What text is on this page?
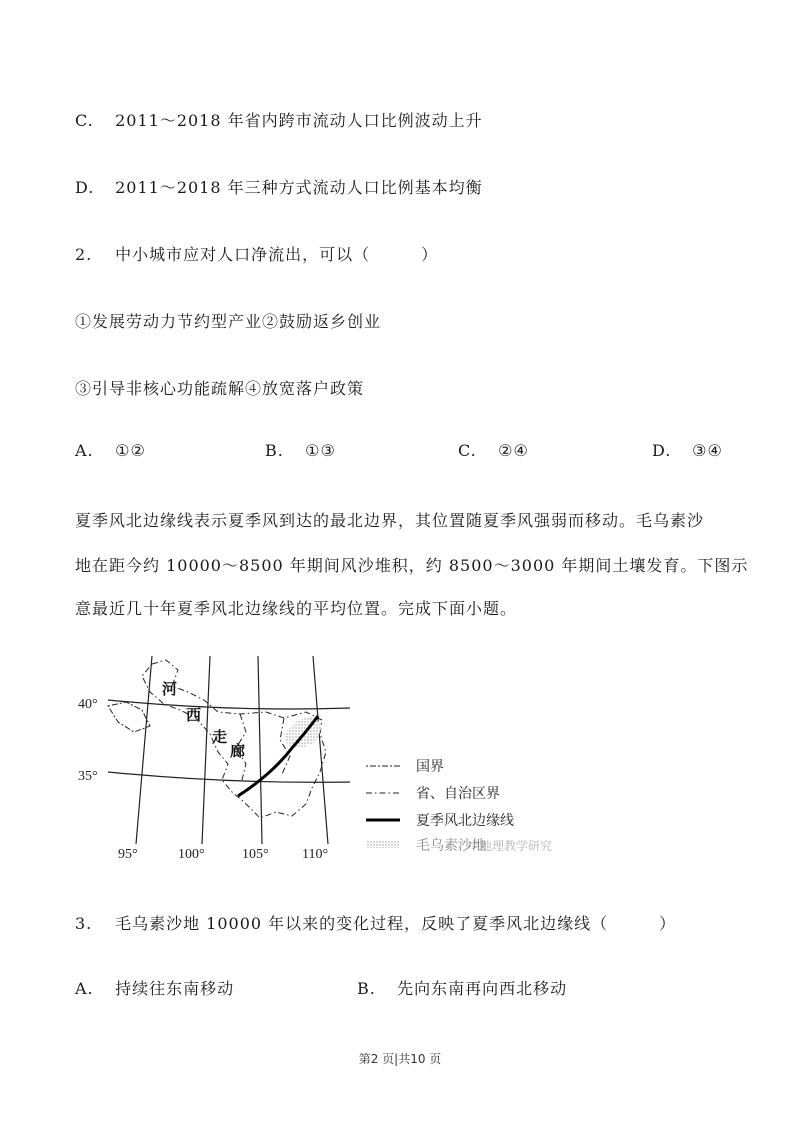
C. 2011～2018 年省内跨市流动人口比例波动上升
D. 2011～2018 年三种方式流动人口比例基本均衡
2. 中小城市应对人口净流出，可以（　　　）
①发展劳动力节约型产业②鼓励返乡创业
③引导非核心功能疏解④放宽落户政策
A. ①②	B. ①③	C. ②④	D. ③④
夏季风北边缘线表示夏季风到达的最北边界，其位置随夏季风强弱而移动。毛乌素沙
地在距今约 10000～8500 年期间风沙堆积，约 8500～3000 年期间土壤发育。下图示
意最近几十年夏季风北边缘线的平均位置。完成下面小题。
40°
35°
95°	100°	105° 110°
河
西
走
廊
国界
省、自治区界
夏季风北边缘线
毛乌素沙地
中地理教学研究
3. 毛乌素沙地 10000 年以来的变化过程，反映了夏季风北边缘线（　　　）
A. 持续往东南移动	B. 先向东南再向西北移动
第2 页|共10 页
